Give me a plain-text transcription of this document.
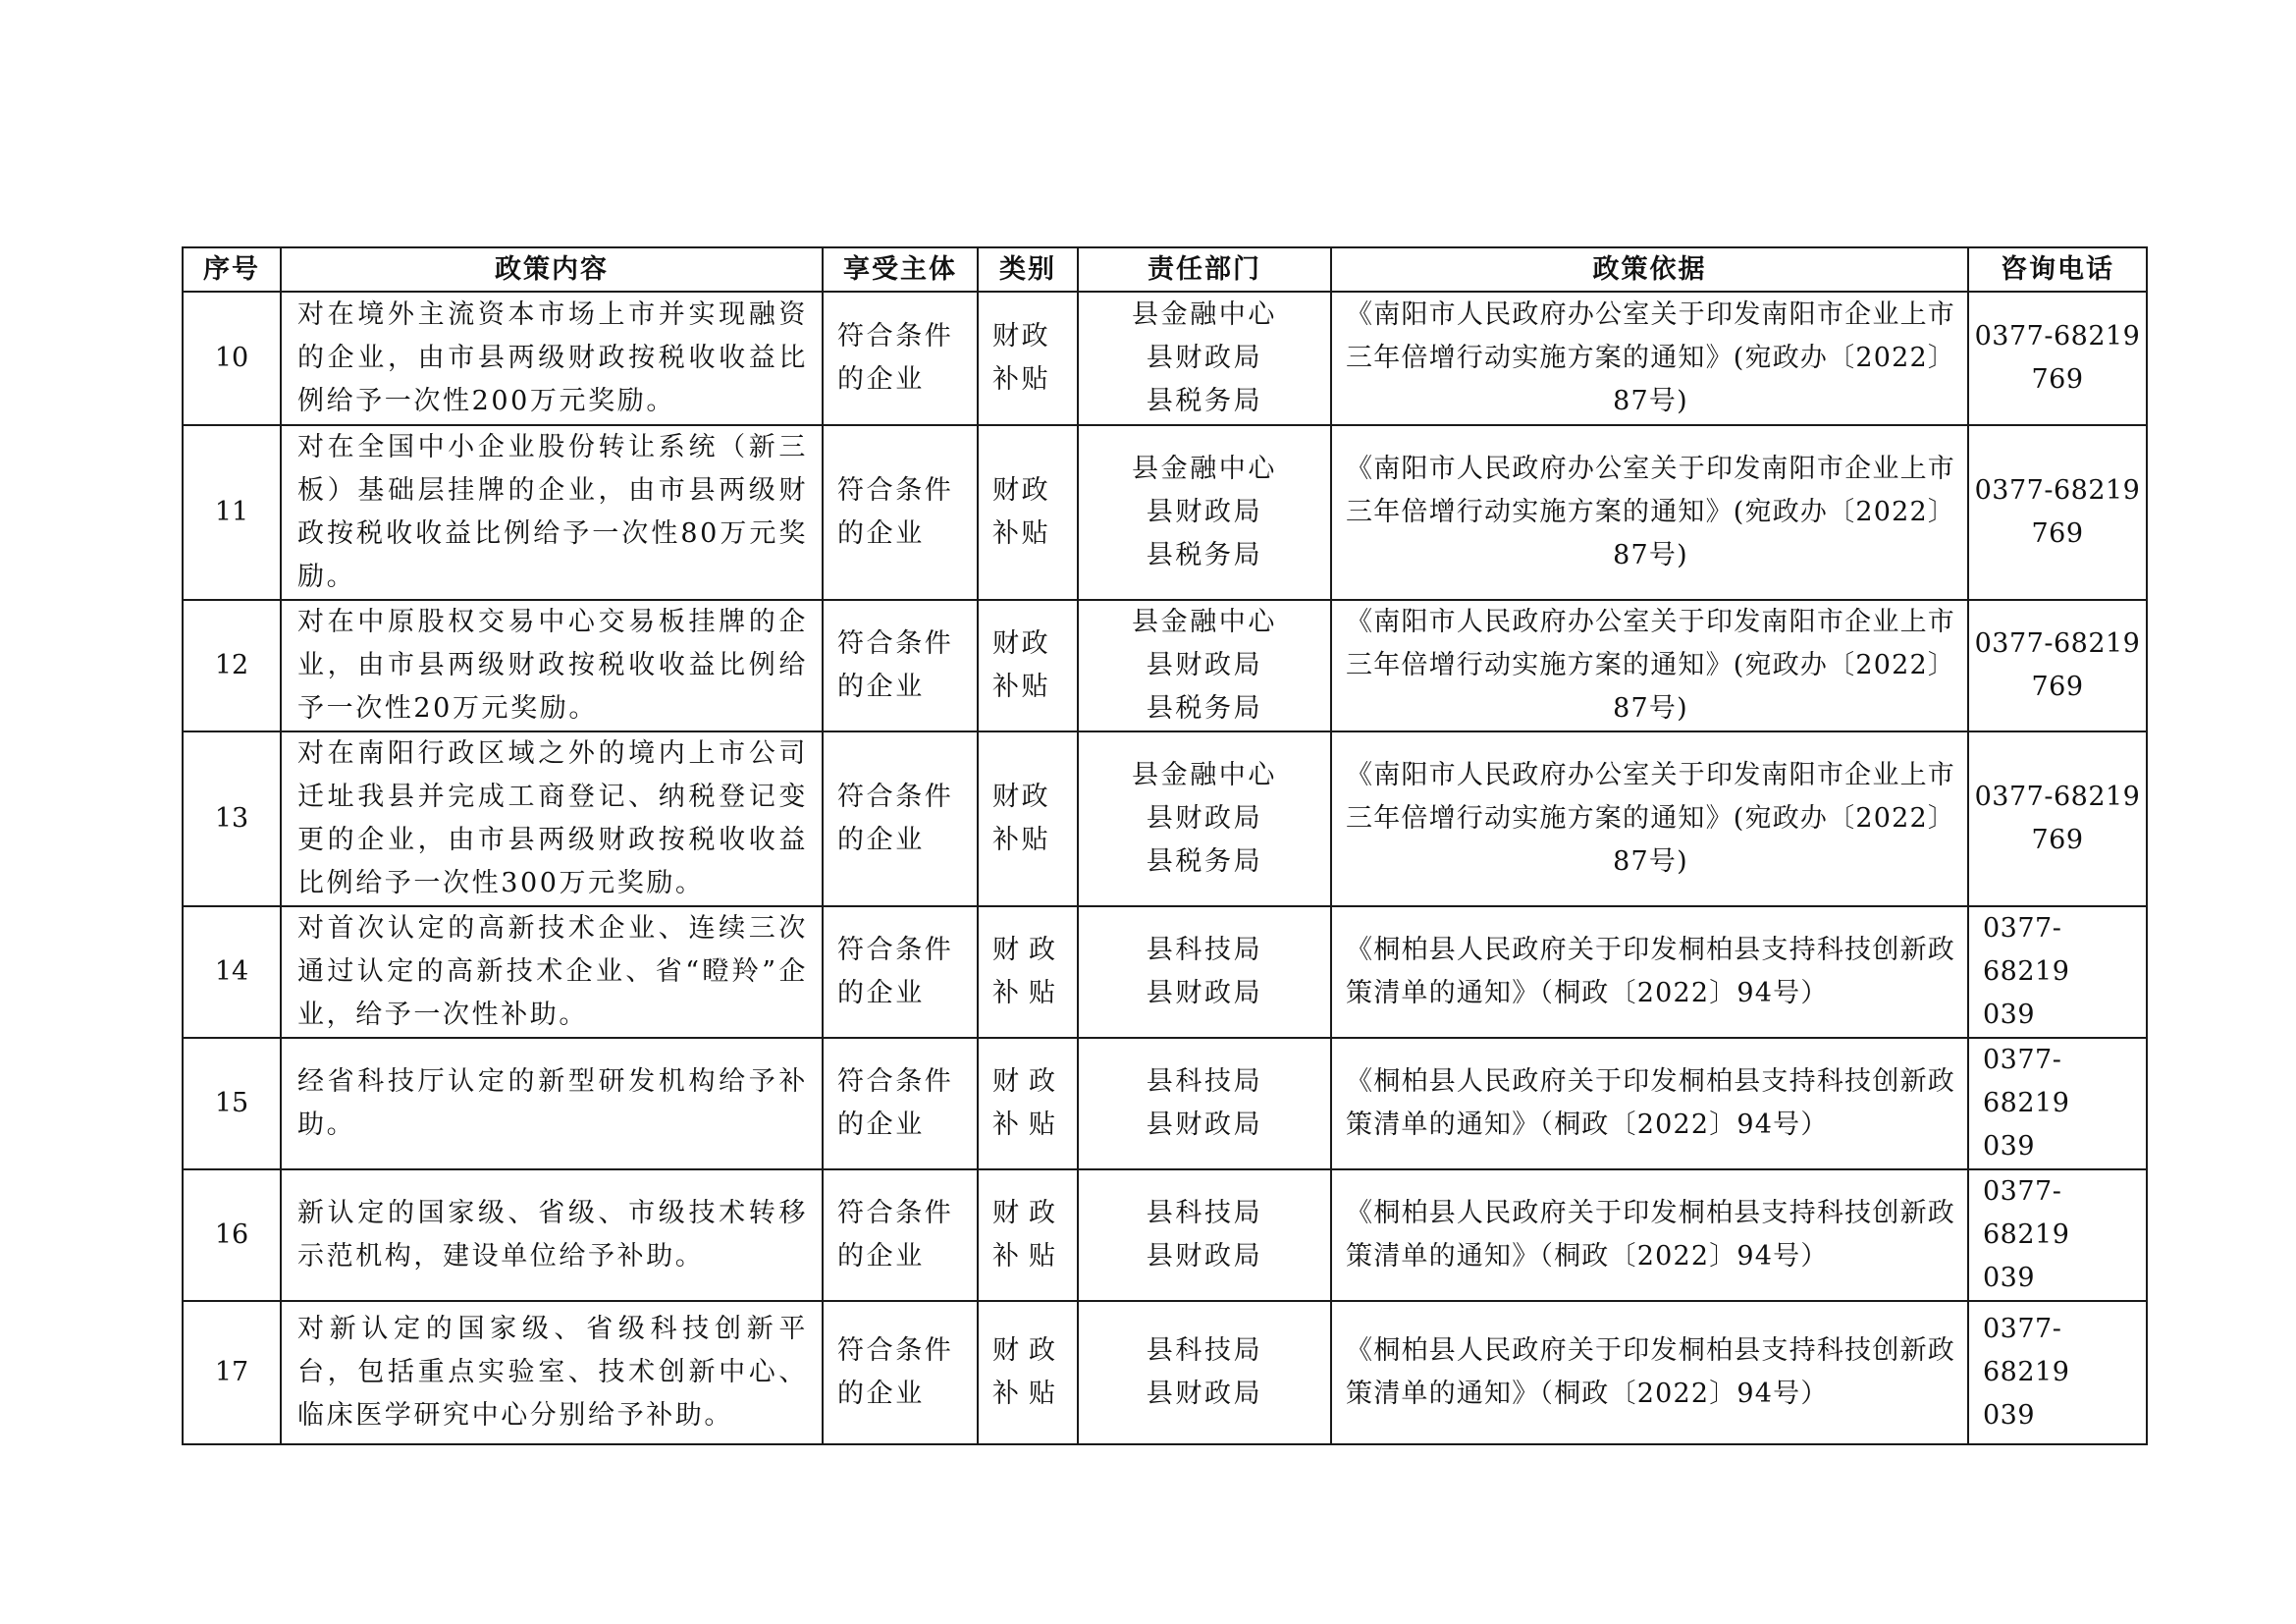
序号	政策内容	享受主体	类别	责任部门	政策依据	咨询电话
10	对在境外主流资本市场上市并实现融资的企业，由市县两级财政按税收收益比例给予一次性200万元奖励。	符合条件的企业	财政补贴	县金融中心
县财政局
县税务局	《南阳市人民政府办公室关于印发南阳市企业上市三年倍增行动实施方案的通知》(宛政办〔2022〕
87号)	0377-68219
769

11	对在全国中小企业股份转让系统（新三板）基础层挂牌的企业，由市县两级财政按税收收益比例给予一次性80万元奖励。	符合条件的企业	财政补贴	县金融中心
县财政局
县税务局	《南阳市人民政府办公室关于印发南阳市企业上市三年倍增行动实施方案的通知》(宛政办〔2022〕
87号)	0377-68219
769

12	对在中原股权交易中心交易板挂牌的企业，由市县两级财政按税收收益比例给予一次性20万元奖励。	符合条件的企业	财政补贴	县金融中心
县财政局
县税务局	《南阳市人民政府办公室关于印发南阳市企业上市三年倍增行动实施方案的通知》(宛政办〔2022〕
87号)	0377-68219
769

13	对在南阳行政区域之外的境内上市公司迁址我县并完成工商登记、纳税登记变更的企业，由市县两级财政按税收收益比例给予一次性300万元奖励。	符合条件的企业	财政补贴	县金融中心
县财政局
县税务局	《南阳市人民政府办公室关于印发南阳市企业上市三年倍增行动实施方案的通知》(宛政办〔2022〕
87号)	0377-68219
769

14	对首次认定的高新技术企业、连续三次通过认定的高新技术企业、省“瞪羚”企业，给予一次性补助。	符合条件的企业	财政补贴	县科技局
县财政局	《桐柏县人民政府关于印发桐柏县支持科技创新政策清单的通知》（桐政〔2022〕94号）	0377-68219
039

15	经省科技厅认定的新型研发机构给予补助。	符合条件的企业	财政补贴	县科技局
县财政局	《桐柏县人民政府关于印发桐柏县支持科技创新政策清单的通知》（桐政〔2022〕94号）	0377-68219
039

16	新认定的国家级、省级、市级技术转移示范机构，建设单位给予补助。	符合条件的企业	财政补贴	县科技局
县财政局	《桐柏县人民政府关于印发桐柏县支持科技创新政策清单的通知》（桐政〔2022〕94号）	0377-68219
039

17	对新认定的国家级、省级科技创新平台，包括重点实验室、技术创新中心、临床医学研究中心分别给予补助。	符合条件的企业	财政补贴	县科技局
县财政局	《桐柏县人民政府关于印发桐柏县支持科技创新政策清单的通知》（桐政〔2022〕94号）	0377-68219
039
